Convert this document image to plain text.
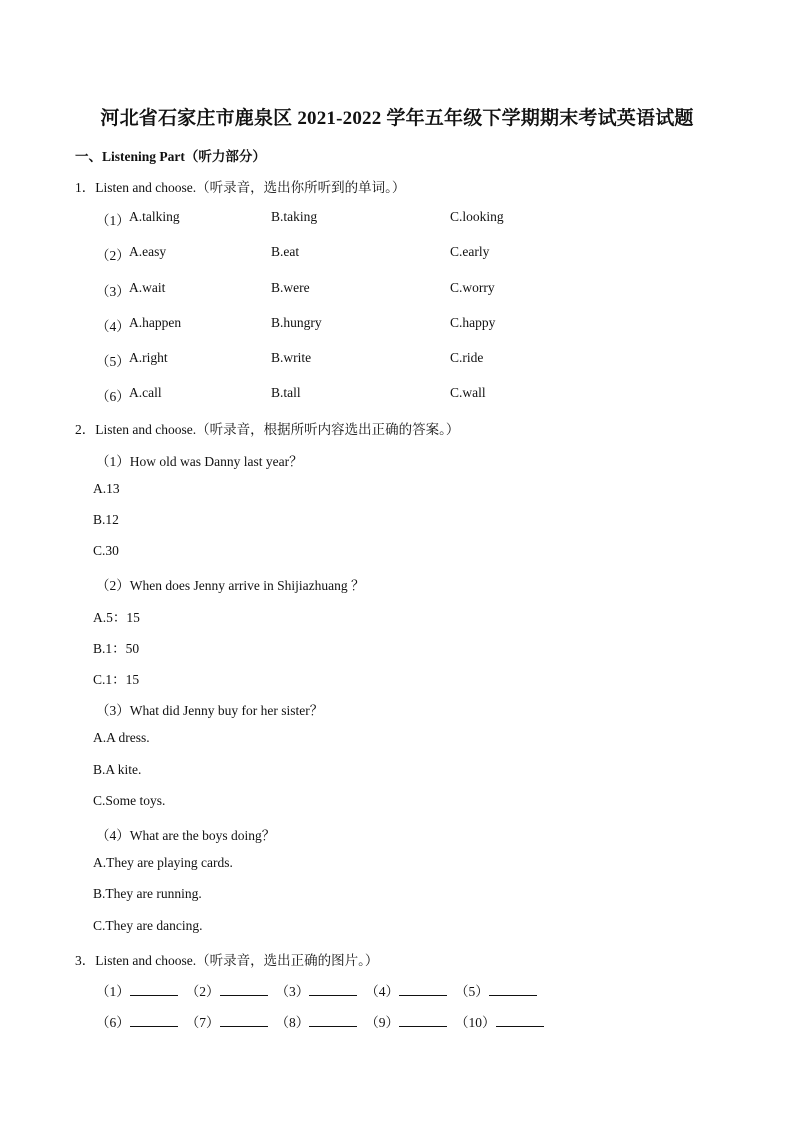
河北省石家庄市鹿泉区 2021-2022 学年五年级下学期期末考试英语试题
一、Listening Part（听力部分）
1．Listen and choose.（听录音，选出你所听到的单词。）
（1） A.talking	B.taking	C.looking
（2） A.easy	B.eat	C.early
（3） A.wait	B.were	C.worry
（4） A.happen	B.hungry	C.happy
（5） A.right	B.write	C.ride
（6） A.call	B.tall	C.wall
2．Listen and choose.（听录音，根据所听内容选出正确的答案。）
（1）How old was Danny last year？
A.13
B.12
C.30
（2）When does Jenny arrive in Shijiazhuang ？
A.5：15
B.1：50
C.1：15
（3）What did Jenny buy for her sister？
A.A dress.
B.A kite.
C.Some toys.
（4）What are the boys doing？
A.They are playing cards.
B.They are running.
C.They are dancing.
3．Listen and choose.（听录音，选出正确的图片。）
（1）	（2）	（3）	（4）	（5）
（6）	（7）	（8）	（9）	（10）
